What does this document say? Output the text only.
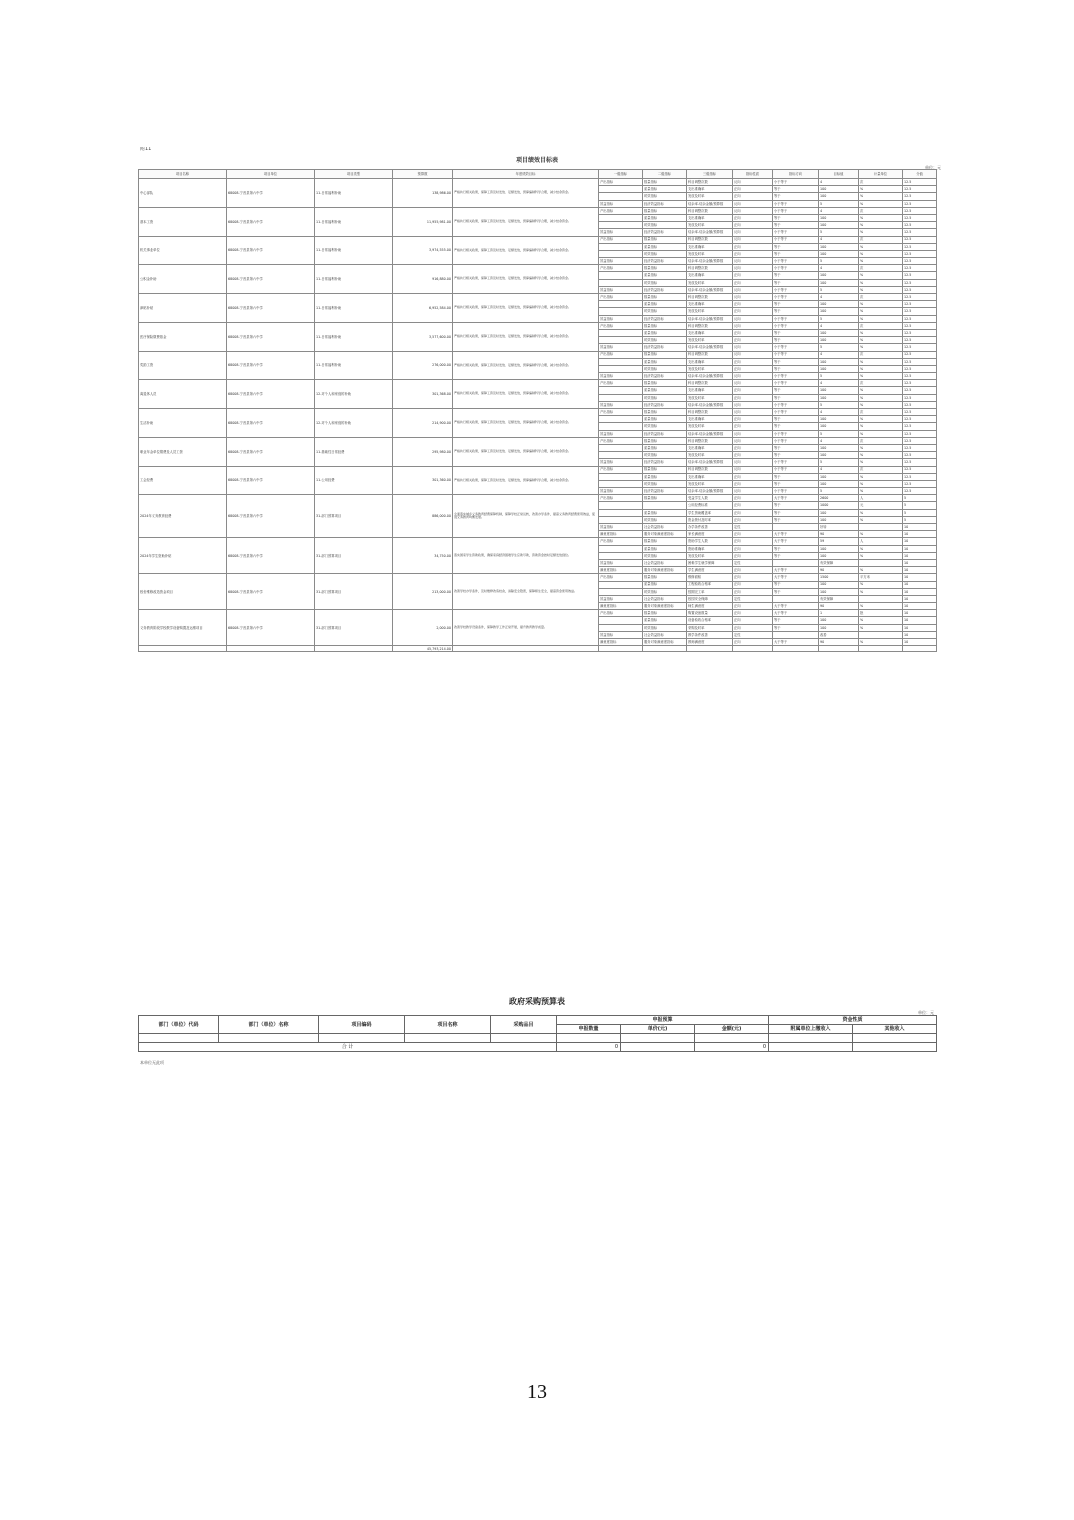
附11
项目绩效目标表
单位：元
项目名称	项目单位	项目类型	预算数	年度绩效目标	一级指标	二级指标	三级指标	指标性质	指标方向	目标值	计量单位	分值
中心部队	68008-宁晋县第六中学	11-日常福利补助	138,986.00	严格执行相关政策，保障工资及时发放、足额发放，预算编制科学合理，减少结余资金。	产出指标	数量指标	科目调整次数	反向	小于等于	4	次	12.5
						质量指标	支出准确率	正向	等于	100	%	12.5
						时效指标	发放及时率	正向	等于	100	%	12.5
					效益指标	经济效益指标	结余率-结余金额/预算数	反向	小于等于	5	%	12.5
基本工资	68008-宁晋县第六中学	11-日常福利补助	11,955,981.00	严格执行相关政策，保障工资及时发放、足额发放，预算编制科学合理，减少结余资金。	产出指标	数量指标	科目调整次数	反向	小于等于	4	次	12.5
						质量指标	支出准确率	正向	等于	100	%	12.5
						时效指标	发放及时率	正向	等于	100	%	12.5
					效益指标	经济效益指标	结余率-结余金额/预算数	反向	小于等于	5	%	12.5
机关事业单位	68008-宁晋县第六中学	11-日常福利补助	3,974,555.00	严格执行相关政策，保障工资及时发放、足额发放，预算编制科学合理，减少结余资金。	产出指标	数量指标	科目调整次数	反向	小于等于	4	次	12.5
						质量指标	支出准确率	正向	等于	100	%	12.5
						时效指标	发放及时率	正向	等于	100	%	12.5
					效益指标	经济效益指标	结余率-结余金额/预算数	反向	小于等于	5	%	12.5
公积金补助	68008-宁晋县第六中学	11-日常福利补助	916,880.00	严格执行相关政策，保障工资及时发放、足额发放，预算编制科学合理，减少结余资金。	产出指标	数量指标	科目调整次数	反向	小于等于	4	次	12.5
						质量指标	支出准确率	正向	等于	100	%	12.5
						时效指标	发放及时率	正向	等于	100	%	12.5
					效益指标	经济效益指标	结余率-结余金额/预算数	反向	小于等于	5	%	12.5
津贴补贴	68008-宁晋县第六中学	11-日常福利补助	6,952,584.00	严格执行相关政策，保障工资及时发放、足额发放，预算编制科学合理，减少结余资金。	产出指标	数量指标	科目调整次数	反向	小于等于	4	次	12.5
						质量指标	支出准确率	正向	等于	100	%	12.5
						时效指标	发放及时率	正向	等于	100	%	12.5
					效益指标	经济效益指标	结余率-结余金额/预算数	反向	小于等于	5	%	12.5
医疗保险缴费基金	68008-宁晋县第六中学	11-日常福利补助	3,577,600.00	严格执行相关政策，保障工资及时发放、足额发放，预算编制科学合理，减少结余资金。	产出指标	数量指标	科目调整次数	反向	小于等于	4	次	12.5
						质量指标	支出准确率	正向	等于	100	%	12.5
						时效指标	发放及时率	正向	等于	100	%	12.5
					效益指标	经济效益指标	结余率-结余金额/预算数	反向	小于等于	5	%	12.5
奖励工资	68008-宁晋县第六中学	11-日常福利补助	276,000.00	严格执行相关政策，保障工资及时发放、足额发放，预算编制科学合理，减少结余资金。	产出指标	数量指标	科目调整次数	反向	小于等于	4	次	12.5
						质量指标	支出准确率	正向	等于	100	%	12.5
						时效指标	发放及时率	正向	等于	100	%	12.5
					效益指标	经济效益指标	结余率-结余金额/预算数	反向	小于等于	5	%	12.5
离退休人员	68008-宁晋县第六中学	12-对个人和家庭的补助	301,368.00	严格执行相关政策，保障工资及时发放、足额发放，预算编制科学合理，减少结余资金。	产出指标	数量指标	科目调整次数	反向	小于等于	4	次	12.5
						质量指标	支出准确率	正向	等于	100	%	12.5
						时效指标	发放及时率	正向	等于	100	%	12.5
					效益指标	经济效益指标	结余率-结余金额/预算数	反向	小于等于	5	%	12.5
生活补助	68008-宁晋县第六中学	12-对个人和家庭的补助	214,900.00	严格执行相关政策，保障工资及时发放、足额发放，预算编制科学合理，减少结余资金。	产出指标	数量指标	科目调整次数	反向	小于等于	4	次	12.5
						质量指标	支出准确率	正向	等于	100	%	12.5
						时效指标	发放及时率	正向	等于	100	%	12.5
					效益指标	经济效益指标	结余率-结余金额/预算数	反向	小于等于	5	%	12.5
职业年金单位缴费及人员工资	68008-宁晋县第六中学	11-基础性日常经费	295,980.00	严格执行相关政策，保障工资及时发放、足额发放，预算编制科学合理，减少结余资金。	产出指标	数量指标	科目调整次数	反向	小于等于	4	次	12.5
						质量指标	支出准确率	正向	等于	100	%	12.5
						时效指标	发放及时率	正向	等于	100	%	12.5
					效益指标	经济效益指标	结余率-结余金额/预算数	反向	小于等于	5	%	12.5
工会经费	68008-宁晋县第六中学	11-公用经费	301,360.00	严格执行相关政策，保障工资及时发放、足额发放，预算编制科学合理，减少结余资金。	产出指标	数量指标	科目调整次数	反向	小于等于	4	次	12.5
						质量指标	支出准确率	正向	等于	100	%	12.5
						时效指标	发放及时率	正向	等于	100	%	12.5
					效益指标	经济效益指标	结余率-结余金额/预算数	反向	小于等于	5	%	12.5
2024年义务教育经费	68008-宁晋县第六中学	31-部门预算项目	886,000.00	全面落实城乡义务教育经费保障机制，保障学校正常运转，改善办学条件，提高义务教育经费使用效益，促进义务教育均衡发展。	产出指标	数量指标	受益学生人数	正向	大于等于	2600	人	5
							公用经费标准	正向	等于	1000	元	5
						质量指标	学生资助覆盖率	正向	等于	100	%	5
						时效指标	资金拨付及时率	正向	等于	100	%	5
					效益指标	社会效益指标	办学条件改善	定性		好转		10
					满意度指标	服务对象满意度指标	家长满意度	正向	大于等于	90	%	10
2024年学生资助补贴	68008-宁晋县第六中学	31-部门预算项目	34,750.00	落实国家学生资助政策，确保家庭经济困难学生应助尽助，资助资金按时足额发放到位。	产出指标	数量指标	资助学生人数	正向	大于等于	59	人	10
						质量指标	资助准确率	正向	等于	100	%	10
						时效指标	发放及时率	正向	等于	100	%	10
					效益指标	社会效益指标	困难学生就学保障	定性		有效保障		10
					满意度指标	服务对象满意度指标	学生满意度	正向	大于等于	90	%	10
校舍维修改造资金项目	68008-宁晋县第六中学	31-部门预算项目	213,000.00	改善学校办学条件，及时维修改造校舍，消除安全隐患，保障师生安全，提高资金使用效益。	产出指标	数量指标	维修面积	正向	大于等于	1500	平方米	10
						质量指标	工程验收合格率	正向	等于	100	%	10
						时效指标	按期完工率	正向	等于	100	%	10
					效益指标	社会效益指标	校园安全保障	定性		有效保障		10
					满意度指标	服务对象满意度指标	师生满意度	正向	大于等于	90	%	10
义务教育阶段学校教学设备购置及运维项目	68008-宁晋县第六中学	31-部门预算项目	2,000.00	改善学校教学设备条件，保障教学工作正常开展，提升教育教学质量。	产出指标	数量指标	购置设备数量	正向	大于等于	1	批	10
						质量指标	设备验收合格率	正向	等于	100	%	10
						时效指标	采购及时率	正向	等于	100	%	10
					效益指标	社会效益指标	教学条件改善	定性		改善		10
					满意度指标	服务对象满意度指标	教师满意度	正向	大于等于	90	%	10
			45,793,214.00									
政府采购预算表
单位：元
部门（单位）代码	部门（单位）名称	项目编码	项目名称	采购品目	申报预算			资金性质	
					申报数量	单价(元)	金额(元)	附属单位上缴收入	其他收入

合 计					0		0		
本单位无此项
13
